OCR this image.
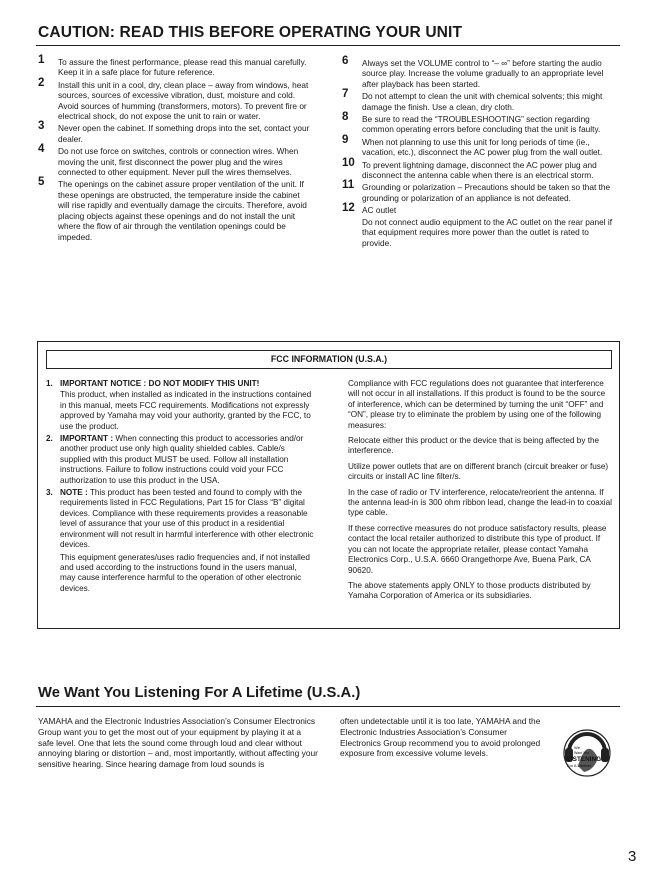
CAUTION: READ THIS BEFORE OPERATING YOUR UNIT
1 To assure the finest performance, please read this manual carefully. Keep it in a safe place for future reference.
2 Install this unit in a cool, dry, clean place – away from windows, heat sources, sources of excessive vibration, dust, moisture and cold. Avoid sources of humming (transformers, motors). To prevent fire or electrical shock, do not expose the unit to rain or water.
3 Never open the cabinet. If something drops into the set, contact your dealer.
4 Do not use force on switches, controls or connection wires. When moving the unit, first disconnect the power plug and the wires connected to other equipment. Never pull the wires themselves.
5 The openings on the cabinet assure proper ventilation of the unit. If these openings are obstructed, the temperature inside the cabinet will rise rapidly and eventually damage the circuits. Therefore, avoid placing objects against these openings and do not install the unit where the flow of air through the ventilation openings could be impeded.
6 Always set the VOLUME control to “– ∞” before starting the audio source play. Increase the volume gradually to an appropriate level after playback has been started.
7 Do not attempt to clean the unit with chemical solvents; this might damage the finish. Use a clean, dry cloth.
8 Be sure to read the “TROUBLESHOOTING” section regarding common operating errors before concluding that the unit is faulty.
9 When not planning to use this unit for long periods of time (ie., vacation, etc.), disconnect the AC power plug from the wall outlet.
10 To prevent lightning damage, disconnect the AC power plug and disconnect the antenna cable when there is an electrical storm.
11 Grounding or polarization – Precautions should be taken so that the grounding or polarization of an appliance is not defeated.
12 AC outlet
Do not connect audio equipment to the AC outlet on the rear panel if that equipment requires more power than the outlet is rated to provide.
FCC INFORMATION (U.S.A.)
1. IMPORTANT NOTICE : DO NOT MODIFY THIS UNIT!
This product, when installed as indicated in the instructions contained in this manual, meets FCC requirements. Modifications not expressly approved by Yamaha may void your authority, granted by the FCC, to use the product.
2. IMPORTANT : When connecting this product to accessories and/or another product use only high quality shielded cables. Cable/s supplied with this product MUST be used. Follow all installation instructions. Failure to follow instructions could void your FCC authorization to use this product in the USA.
3. NOTE : This product has been tested and found to comply with the requirements listed in FCC Regulations, Part 15 for Class “B” digital devices. Compliance with these requirements provides a reasonable level of assurance that your use of this product in a residential environment will not result in harmful interference with other electronic devices.
This equipment generates/uses radio frequencies and, if not installed and used according to the instructions found in the users manual, may cause interference harmful to the operation of other electronic devices.

Compliance with FCC regulations does not guarantee that interference will not occur in all installations. If this product is found to be the source of interference, which can be determined by turning the unit “OFF” and “ON”, please try to eliminate the problem by using one of the following measures:

Relocate either this product or the device that is being affected by the interference.

Utilize power outlets that are on different branch (circuit breaker or fuse) circuits or install AC line filter/s.

In the case of radio or TV interference, relocate/reorient the antenna. If the antenna lead-in is 300 ohm ribbon lead, change the lead-in to coaxial type cable.

If these corrective measures do not produce satisfactory results, please contact the local retailer authorized to distribute this type of product. If you can not locate the appropriate retailer, please contact Yamaha Electronics Corp., U.S.A. 6660 Orangethorpe Ave, Buena Park, CA 90620.

The above statements apply ONLY to those products distributed by Yamaha Corporation of America or its subsidiaries.

We Want You Listening For A Lifetime (U.S.A.)
YAMAHA and the Electronic Industries Association’s Consumer Electronics Group want you to get the most out of your equipment by playing it at a safe level. One that lets the sound come through loud and clear without annoying blaring or distortion – and, most importantly, without affecting your sensitive hearing. Since hearing damage from loud sounds is
often undetectable until it is too late, YAMAHA and the Electronic Industries Association’s Consumer Electronics Group recommend you to avoid prolonged exposure from excessive volume levels.
We
Want You
LISTENING
For A Lifetime
3
